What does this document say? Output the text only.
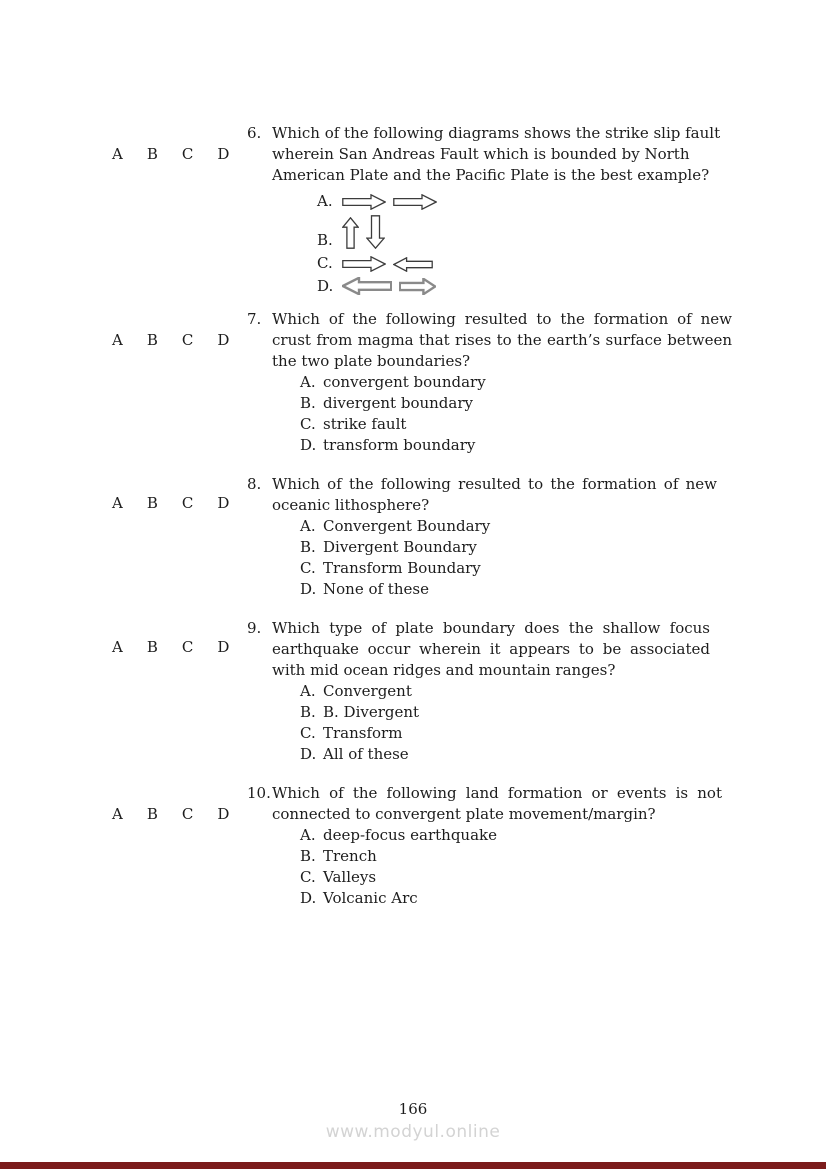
A B C D
A B C D
A B C D
A B C D
A B C D

6. Which of the following diagrams shows the strike slip fault wherein San Andreas Fault which is bounded by North American Plate and the Pacific Plate is the best example?

A.
B.
C.
D.

7. Which of the following resulted to the formation of new crust from magma that rises to the earth’s surface between the two plate boundaries?

A. convergent boundary
B. divergent boundary
C. strike fault
D. transform boundary

8. Which of the following resulted to the formation of new oceanic lithosphere?

A. Convergent Boundary
B. Divergent Boundary
C. Transform Boundary
D. None of these

9. Which type of plate boundary does the shallow focus earthquake occur wherein it appears to be associated with mid ocean ridges and mountain ranges?

A. Convergent
B. B. Divergent
C. Transform
D. All of these

10.Which of the following land formation or events is not connected to convergent plate movement/margin?

A. deep-focus earthquake
B. Trench
C. Valleys
D. Volcanic Arc
166
www.modyul.online
